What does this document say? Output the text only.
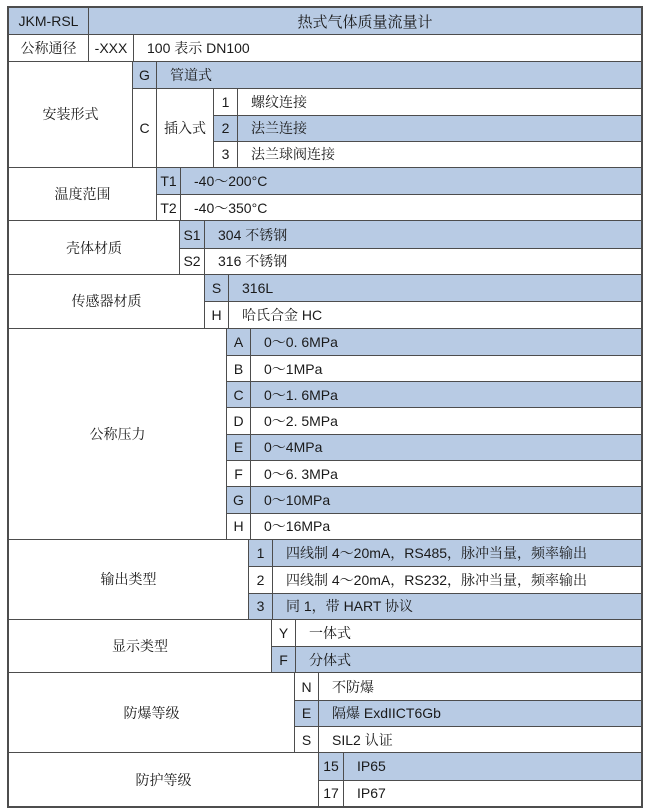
JKM-RSL	热式气体质量流量计
公称通径	-XXX	100 表示 DN100
安装形式
G	管道式
C	插入式
1	螺纹连接
2	法兰连接
3	法兰球阀连接
温度范围
T1	-40～200°C
T2	-40～350°C
壳体材质
S1	304 不锈钢
S2	316 不锈钢
传感器材质
S	316L
H	哈氏合金 HC
公称压力
A	0～0. 6MPa
B	0～1MPa
C	0～1. 6MPa
D	0～2. 5MPa
E	0～4MPa
F	0～6. 3MPa
G	0～10MPa
H	0～16MPa
输出类型
1	四线制 4～20mA，RS485，脉冲当量，频率输出
2	四线制 4～20mA，RS232，脉冲当量，频率输出
3	同 1，带 HART 协议
显示类型
Y	一体式
F	分体式
防爆等级
N	不防爆
E	隔爆 ExdIICT6Gb
S	SIL2 认证
防护等级
15	IP65
17	IP67
